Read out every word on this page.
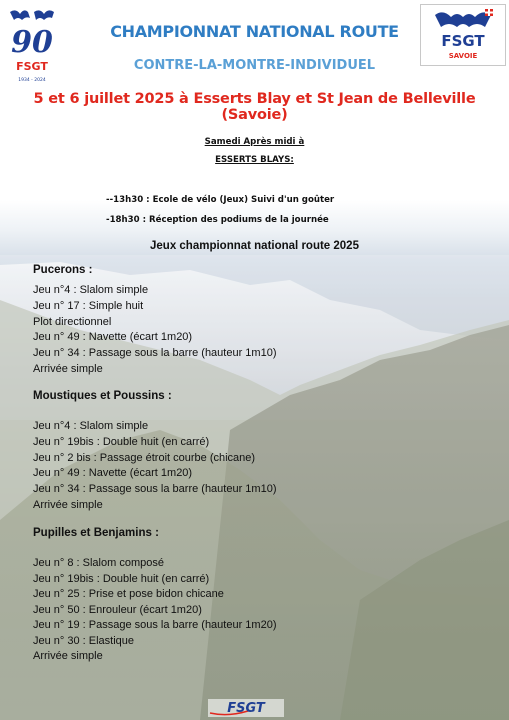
90
FSGT
1934 - 2024
FSGT
SAVOIE
CHAMPIONNAT NATIONAL ROUTE
CONTRE-LA-MONTRE-INDIVIDUEL
5 et 6 juillet 2025 à Esserts Blay et St Jean de Belleville (Savoie)
Samedi Après midi à
ESSERTS BLAYS:
--13h30 : Ecole de vélo (Jeux) Suivi d'un goûter
-18h30 : Réception des podiums de la journée
Jeux championnat national route 2025
Pucerons :
Jeu n°4 : Slalom simple
Jeu n° 17 : Simple huit
Plot directionnel
Jeu n° 49 : Navette (écart 1m20)
Jeu n° 34 : Passage sous la barre (hauteur 1m10)
Arrivée simple
Moustiques et Poussins :
Jeu n°4 : Slalom simple
Jeu n° 19bis : Double huit (en carré)
Jeu n° 2 bis : Passage étroit courbe (chicane)
Jeu n° 49 : Navette (écart 1m20)
Jeu n° 34 : Passage sous la barre (hauteur 1m10)
Arrivée simple
Pupilles et Benjamins :
Jeu n° 8 : Slalom composé
Jeu n° 19bis : Double huit (en carré)
Jeu n° 25 : Prise et pose bidon chicane
Jeu n° 50 : Enrouleur (écart 1m20)
Jeu n° 19 : Passage sous la barre (hauteur 1m20)
Jeu n° 30 : Elastique
Arrivée simple
FSGT
